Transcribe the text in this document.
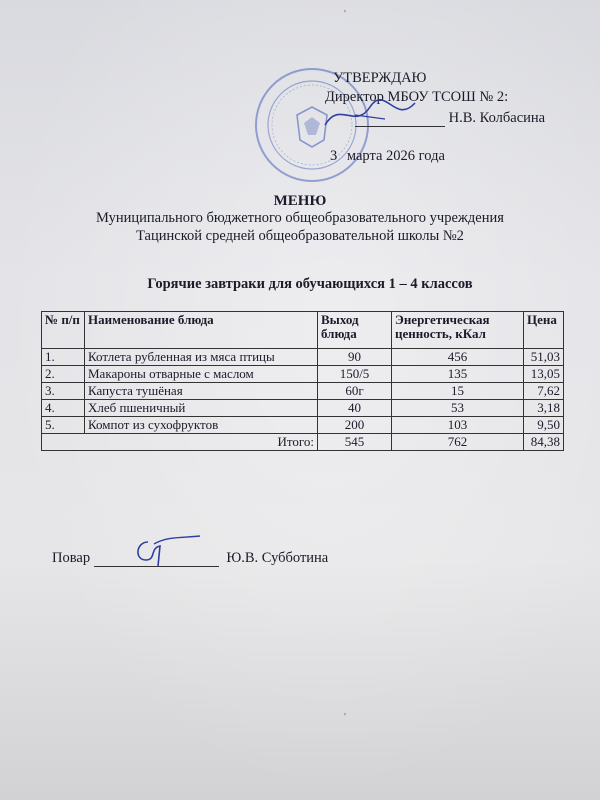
'
'
УТВЕРЖДАЮ
Директор МБОУ ТСОШ № 2:
Н.В. Колбасина
3 марта 2026 года
МЕНЮ
Муниципального бюджетного общеобразовательного учреждения
Тацинской средней общеобразовательной школы №2
Горячие завтраки для обучающихся 1 – 4 классов
№ п/п	Наименование блюда	Выход блюда	Энергетическая ценность, кКал	Цена
1.	Котлета рубленная из мяса птицы	90	456	51,03
2.	Макароны отварные с маслом	150/5	135	13,05
3.	Капуста тушёная	60г	15	7,62
4.	Хлеб пшеничный	40	53	3,18
5.	Компот из сухофруктов	200	103	9,50
Итого:		545	762	84,38
Повар	Ю.В. Субботина
